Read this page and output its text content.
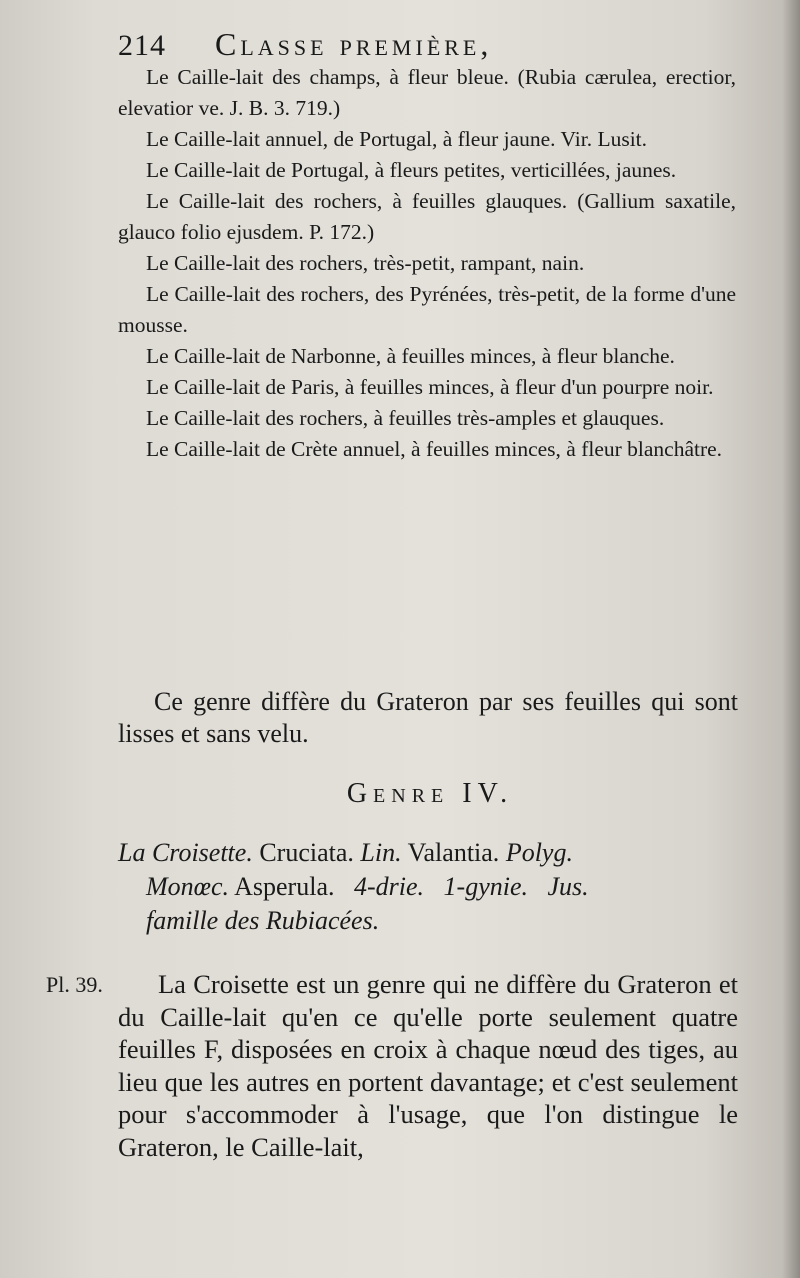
214 Classe première,

Le Caille-lait des champs, à fleur bleue. (Rubia cærulea, erectior, elevatior ve. J. B. 3. 719.)

Le Caille-lait annuel, de Portugal, à fleur jaune. Vir. Lusit.

Le Caille-lait de Portugal, à fleurs petites, verticillées, jaunes.

Le Caille-lait des rochers, à feuilles glauques. (Gallium saxatile, glauco folio ejusdem. P. 172.)

Le Caille-lait des rochers, très-petit, rampant, nain.

Le Caille-lait des rochers, des Pyrénées, très-petit, de la forme d'une mousse.

Le Caille-lait de Narbonne, à feuilles minces, à fleur blanche.

Le Caille-lait de Paris, à feuilles minces, à fleur d'un pourpre noir.

Le Caille-lait des rochers, à feuilles très-amples et glauques.

Le Caille-lait de Crète annuel, à feuilles minces, à fleur blanchâtre.

Ce genre diffère du Grateron par ses feuilles qui sont lisses et sans velu.

Genre IV.

La Croisette. Cruciata. Lin. Valantia. Polyg.
Monœc. Asperula. 4-drie. 1-gynie. Jus.
famille des Rubiacées.

Pl. 39.	La Croisette est un genre qui ne diffère du Grateron et du Caille-lait qu'en ce qu'elle porte seulement quatre feuilles F, disposées en croix à chaque nœud des tiges, au lieu que les autres en portent davantage; et c'est seulement pour s'accommoder à l'usage, que l'on distingue le Grateron, le Caille-lait,
